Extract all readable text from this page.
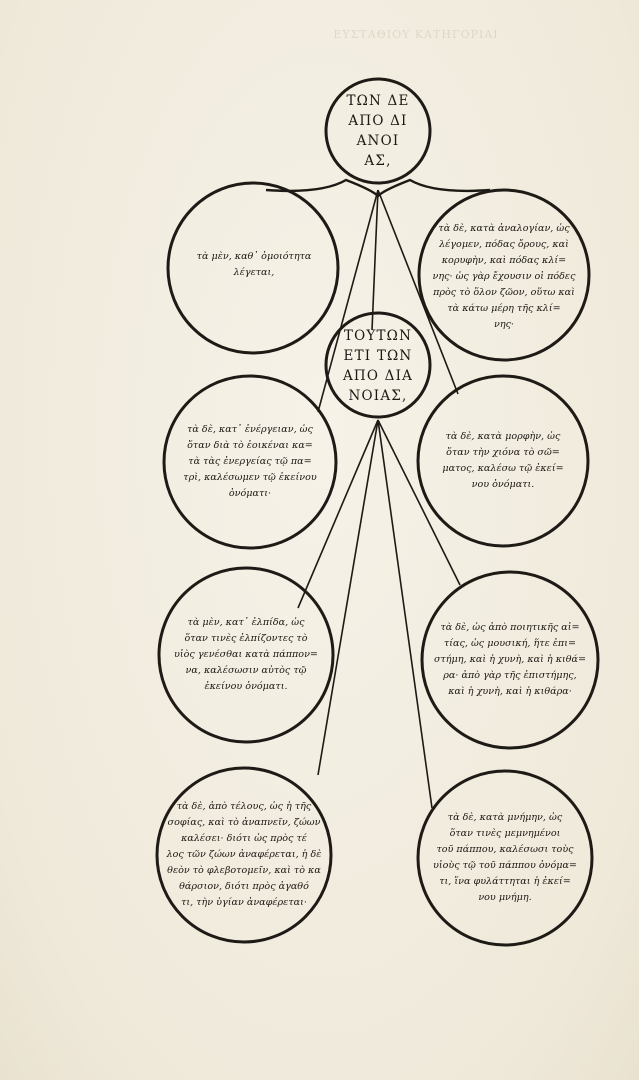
ΕΥΣΤΑΘΙΟΥ ΚΑΤΗΓΟΡΙΑΙ
ΤΩΝ ΔΕ
ΑΠΟ ΔΙ
ΑΝΟΙ
ΑΣ,
τὰ μὲν, καθ᾽ ὁμοιότητα
λέγεται,
τὰ δὲ, κατὰ ἀναλογίαν, ὡς
λέγομεν, πόδας ὄρους, καὶ
κορυφὴν, καὶ πόδας κλί=
νης· ὡς γὰρ ἔχουσιν οἱ πόδες
πρὸς τὸ ὅλον ζῶον, οὕτω καὶ
τὰ κάτω μέρη τῆς κλί=
νης·
ΤΟΥΤΩΝ
ΕΤΙ ΤΩΝ
ΑΠΟ ΔΙΑ
ΝΟΙΑΣ,
τὰ δὲ, κατ᾽ ἐνέργειαν, ὡς
ὅταν διὰ τὸ ἐοικέναι κα=
τὰ τὰς ἐνεργείας τῷ πα=
τρὶ, καλέσωμεν τῷ ἐκείνου
ὀνόματι·
τὰ δὲ, κατὰ μορφὴν, ὡς
ὅταν τὴν χιόνα τὸ σῶ=
ματος, καλέσω τῷ ἐκεί=
νου ὀνόματι.
τὰ μὲν, κατ᾽ ἐλπίδα, ὡς
ὅταν τινὲς ἐλπίζοντες τὸ
υἱὸς γενέσθαι κατὰ πάππον=
να, καλέσωσιν αὐτὸς τῷ
ἐκείνου ὀνόματι.
τὰ δὲ, ὡς ἀπὸ ποιητικῆς αἰ=
τίας, ὡς μουσική, ἥτε ἐπι=
στήμη, καὶ ἡ χυνὴ, καὶ ἡ κιθά=
ρα· ἀπὸ γὰρ τῆς ἐπιστήμης,
καὶ ἡ χυνὴ, καὶ ἡ κιθάρα·
τὰ δὲ, ἀπὸ τέλους, ὡς ἡ τῆς
σοφίας, καὶ τὸ ἀναπνεῖν, ζώων
καλέσει· διότι ὡς πρὸς τέ
λος τῶν ζώων ἀναφέρεται, ἡ δὲ
θεὸν τὸ φλεβοτομεῖν, καὶ τὸ κα
θάρσιον, διότι πρὸς ἀγαθό
τι, τὴν ὑγίαν ἀναφέρεται·
τὰ δὲ, κατὰ μνήμην, ὡς
ὅταν τινὲς μεμνημένοι
τοῦ πάππου, καλέσωσι τοὺς
υἱοὺς τῷ τοῦ πάππου ὀνόμα=
τι, ἵνα φυλάττηται ἡ ἐκεί=
νου μνήμη.
